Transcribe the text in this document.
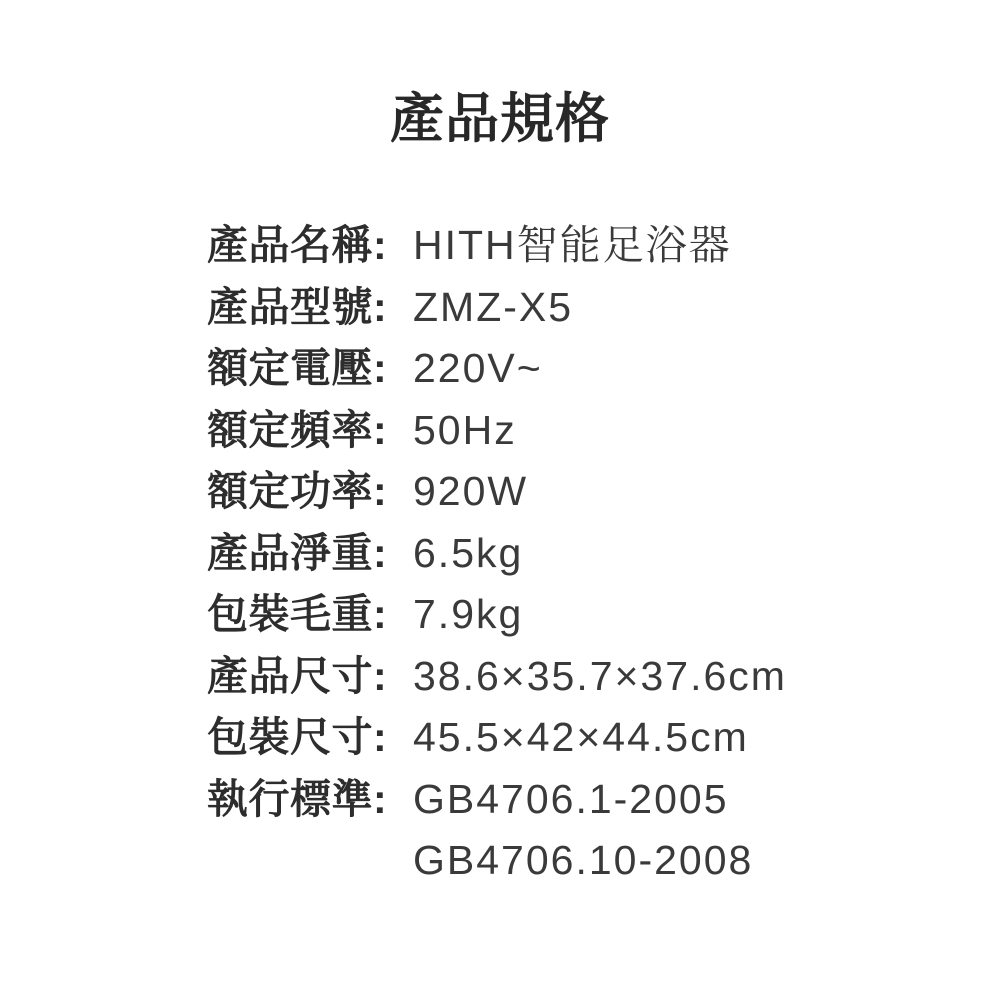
產品規格
產品名稱: HITH智能足浴器
產品型號: ZMZ-X5
額定電壓: 220V~
額定頻率: 50Hz
額定功率: 920W
產品淨重: 6.5kg
包裝毛重: 7.9kg
產品尺寸: 38.6×35.7×37.6cm
包裝尺寸: 45.5×42×44.5cm
執行標準: GB4706.1-2005
GB4706.10-2008
